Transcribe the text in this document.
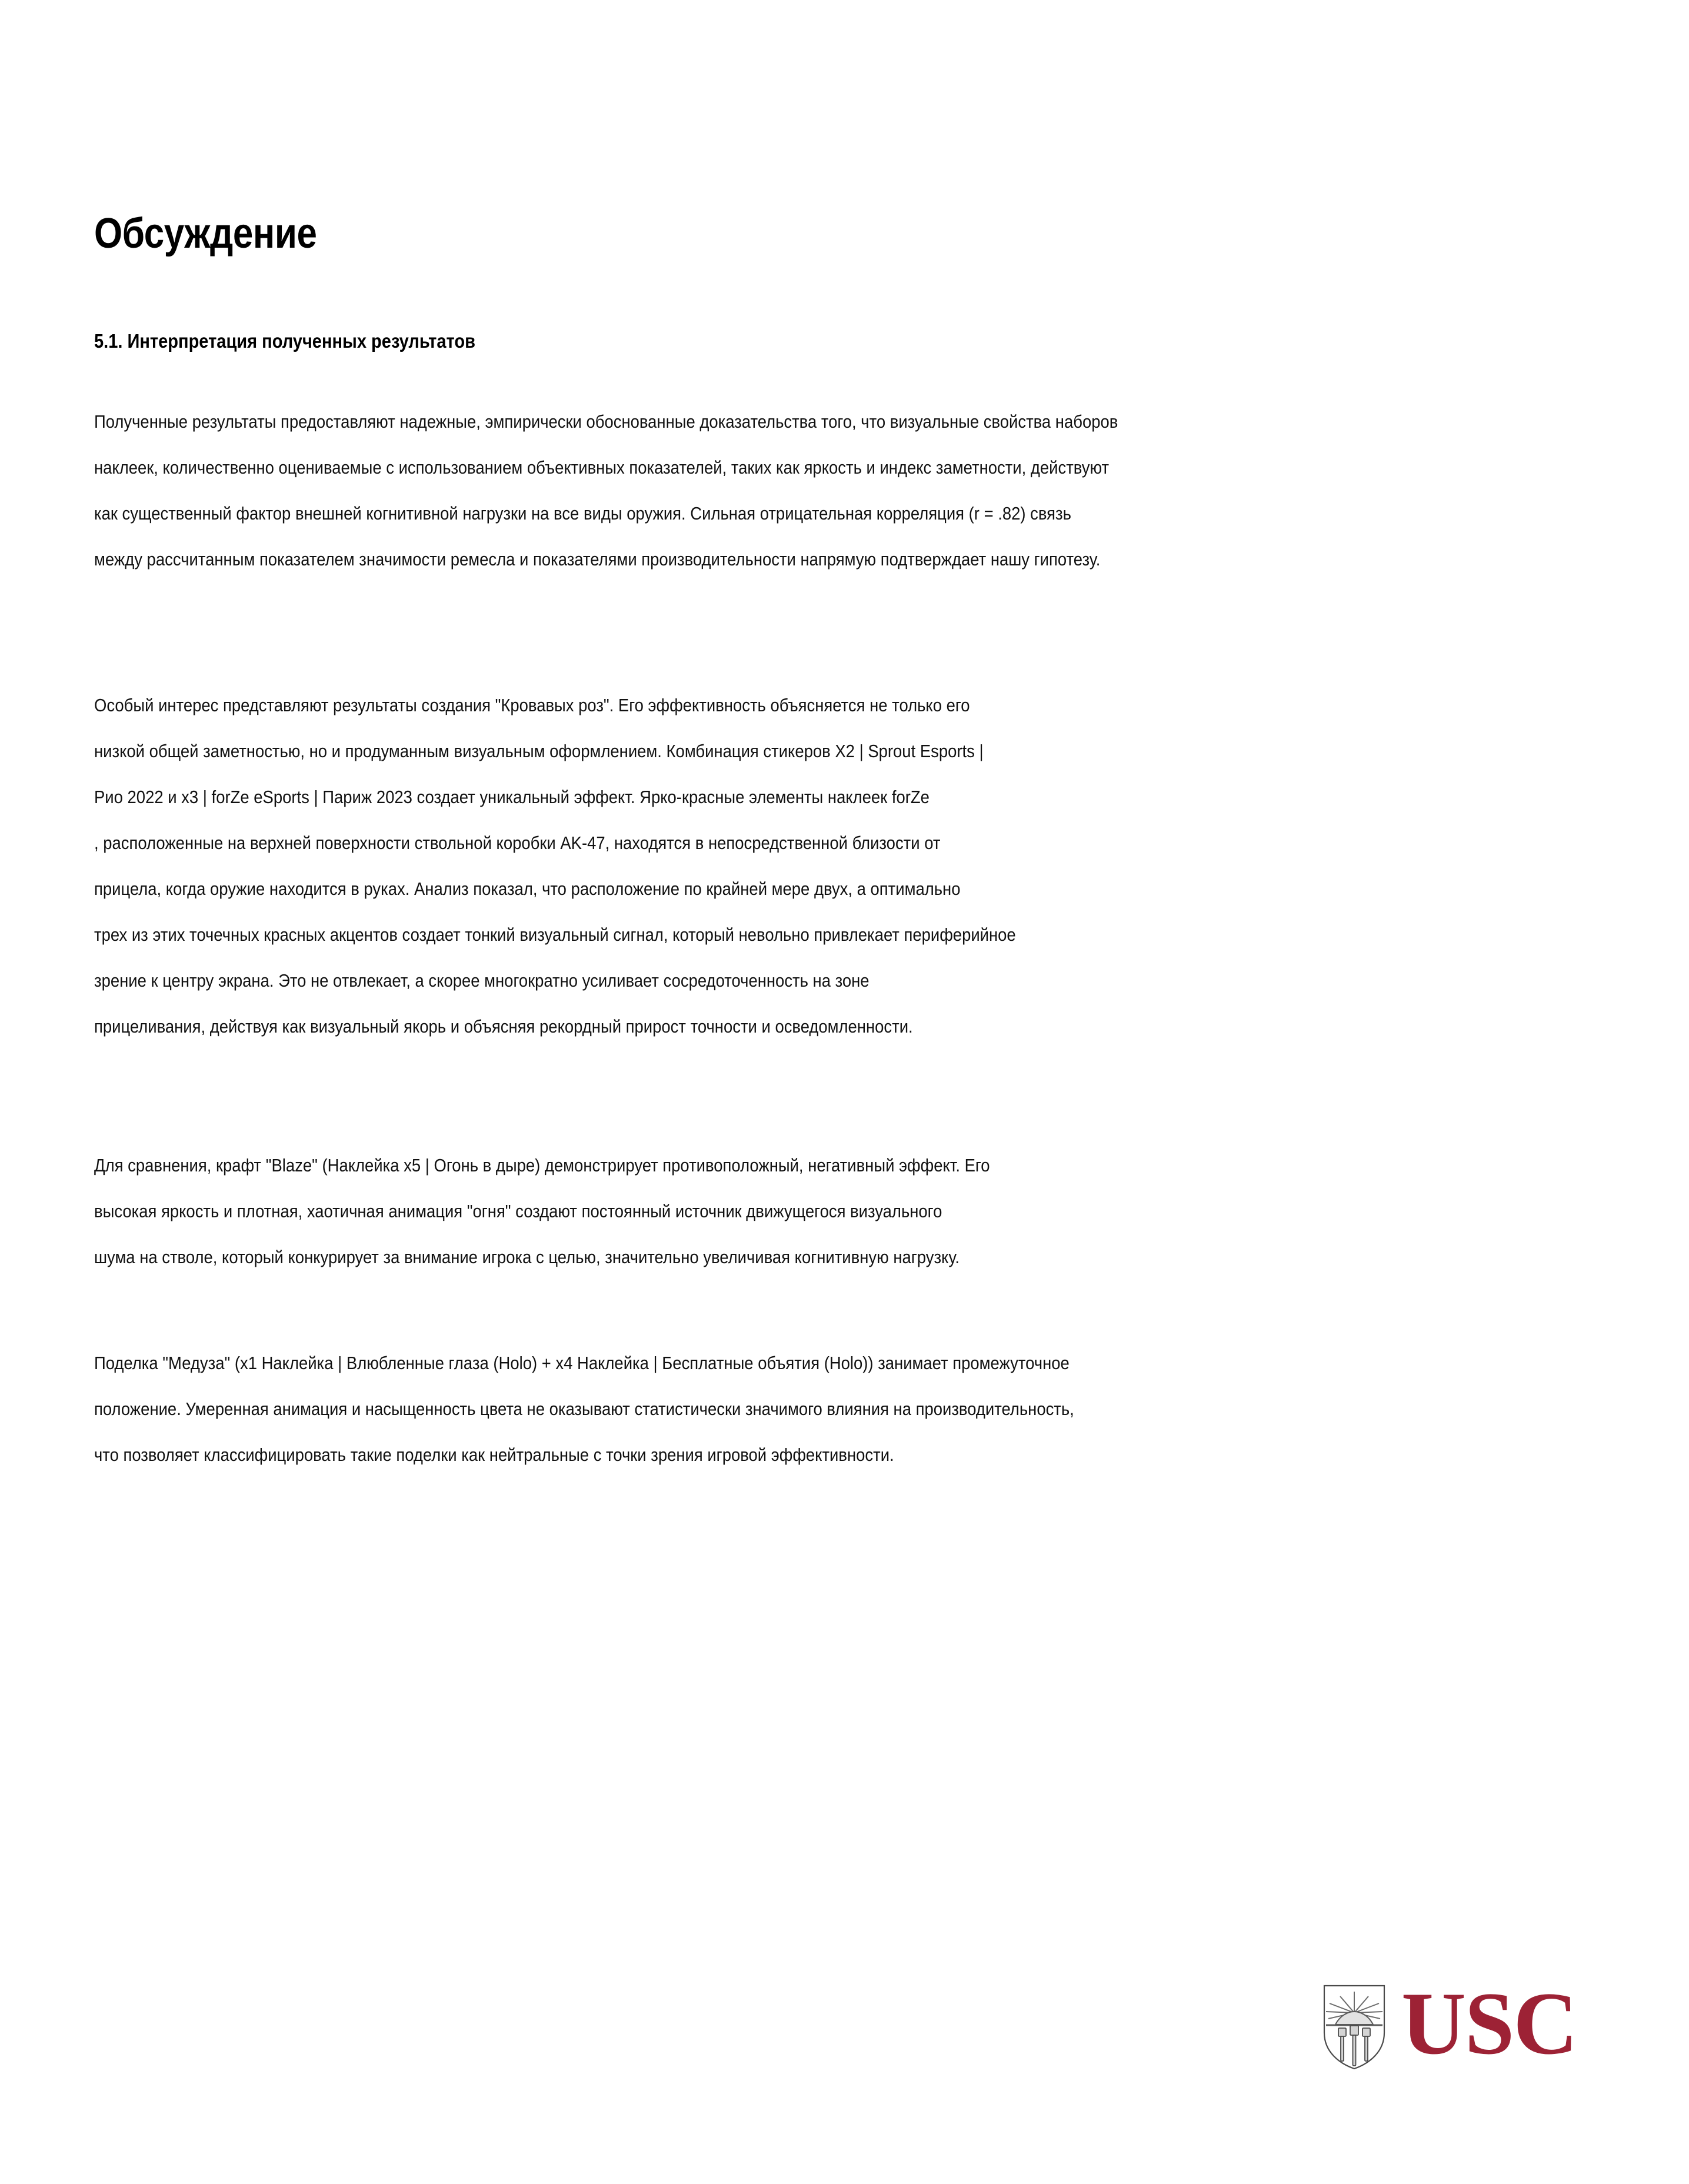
Обсуждение
5.1. Интерпретация полученных результатов
Полученные результаты предоставляют надежные, эмпирически обоснованные доказательства того, что визуальные свойства наборов
наклеек, количественно оцениваемые с использованием объективных показателей, таких как яркость и индекс заметности, действуют
как существенный фактор внешней когнитивной нагрузки на все виды оружия. Сильная отрицательная корреляция (r = .82) связь
между рассчитанным показателем значимости ремесла и показателями производительности напрямую подтверждает нашу гипотезу.
Особый интерес представляют результаты создания "Кровавых роз". Его эффективность объясняется не только его
низкой общей заметностью, но и продуманным визуальным оформлением. Комбинация стикеров X2 | Sprout Esports |
Рио 2022 и x3 | forZe eSports | Париж 2023 создает уникальный эффект. Ярко-красные элементы наклеек forZe
, расположенные на верхней поверхности ствольной коробки AK-47, находятся в непосредственной близости от
прицела, когда оружие находится в руках. Анализ показал, что расположение по крайней мере двух, а оптимально
трех из этих точечных красных акцентов создает тонкий визуальный сигнал, который невольно привлекает периферийное
зрение к центру экрана. Это не отвлекает, а скорее многократно усиливает сосредоточенность на зоне
прицеливания, действуя как визуальный якорь и объясняя рекордный прирост точности и осведомленности.
Для сравнения, крафт "Blaze" (Наклейка x5 | Огонь в дыре) демонстрирует противоположный, негативный эффект. Его
высокая яркость и плотная, хаотичная анимация "огня" создают постоянный источник движущегося визуального
шума на стволе, который конкурирует за внимание игрока с целью, значительно увеличивая когнитивную нагрузку.
Поделка "Медуза" (x1 Наклейка | Влюбленные глаза (Holo) + x4 Наклейка | Бесплатные объятия (Holo)) занимает промежуточное
положение. Умеренная анимация и насыщенность цвета не оказывают статистически значимого влияния на производительность,
что позволяет классифицировать такие поделки как нейтральные с точки зрения игровой эффективности.
USC
